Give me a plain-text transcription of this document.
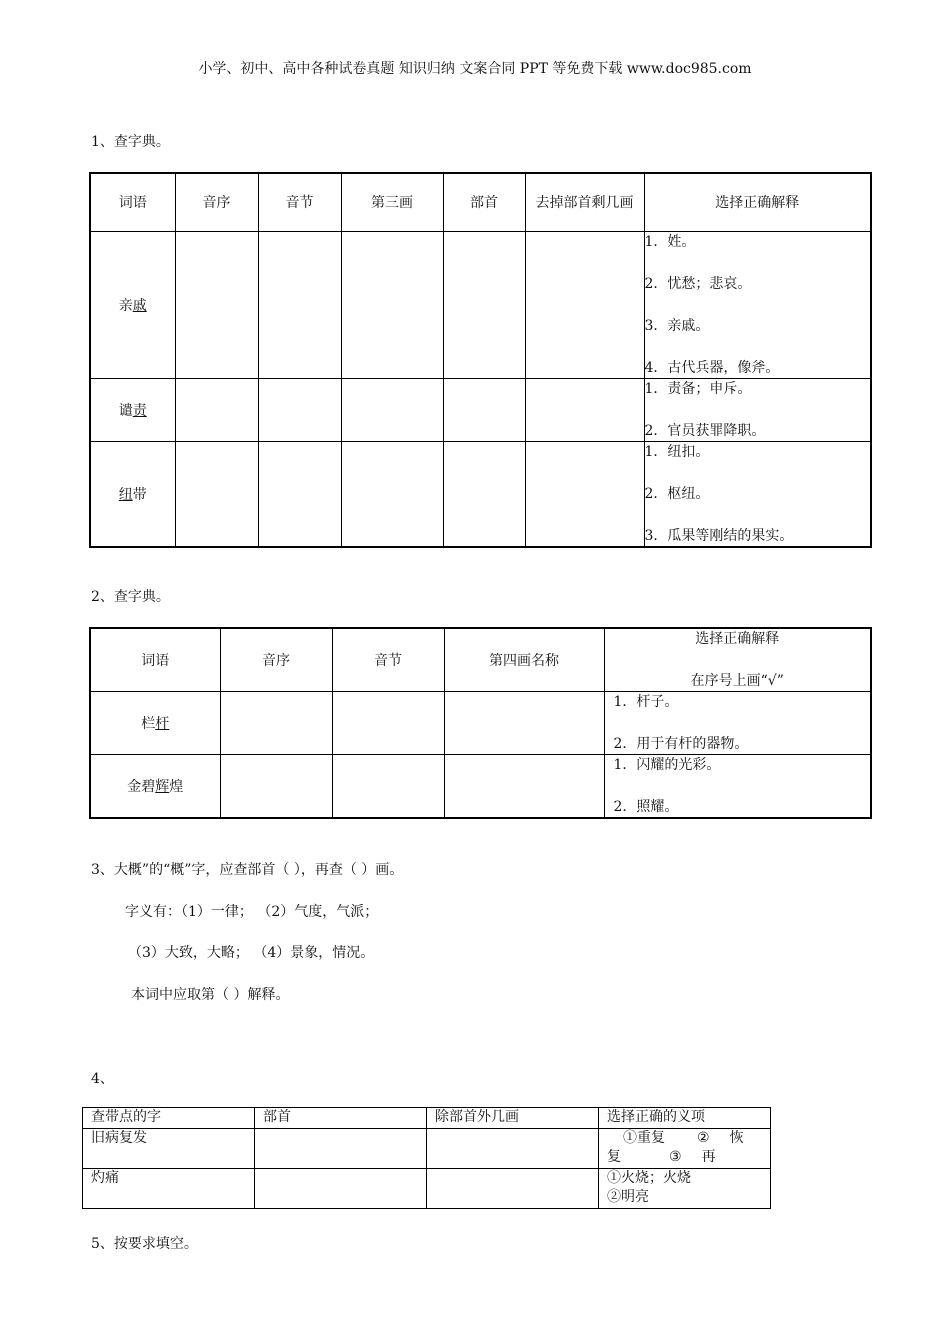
小学、初中、高中各种试卷真题 知识归纳 文案合同 PPT 等免费下载 www.doc985.com
1、查字典。
词语	音序	音节	第三画	部首	去掉部首剩几画	选择正确解释
亲戚						1．姓。
2．忧愁；悲哀。
3．亲戚。
4．古代兵器，像斧。

谴责						1．责备；申斥。
2．官员获罪降职。

纽带						1．纽扣。
2．枢纽。
3．瓜果等刚结的果实。
2、查字典。
词语	音序	音节	第四画名称	选择正确解释
在序号上画“√”

栏杆				1．杆子。
2．用于有杆的器物。

金碧辉煌				1．闪耀的光彩。
2．照耀。
3、大概”的“概”字，应查部首（ ），再查（ ）画。
字义有：（1）一律； （2）气度，气派；
（3）大致，大略； （4）景象，情况。
本词中应取第（ ）解释。
4、
查带点的字	部首	除部首外几画	选择正确的义项
旧病复发			①重复 ② 恢
复 ③ 再

灼痛			①火烧；火烧
②明亮
5、按要求填空。
